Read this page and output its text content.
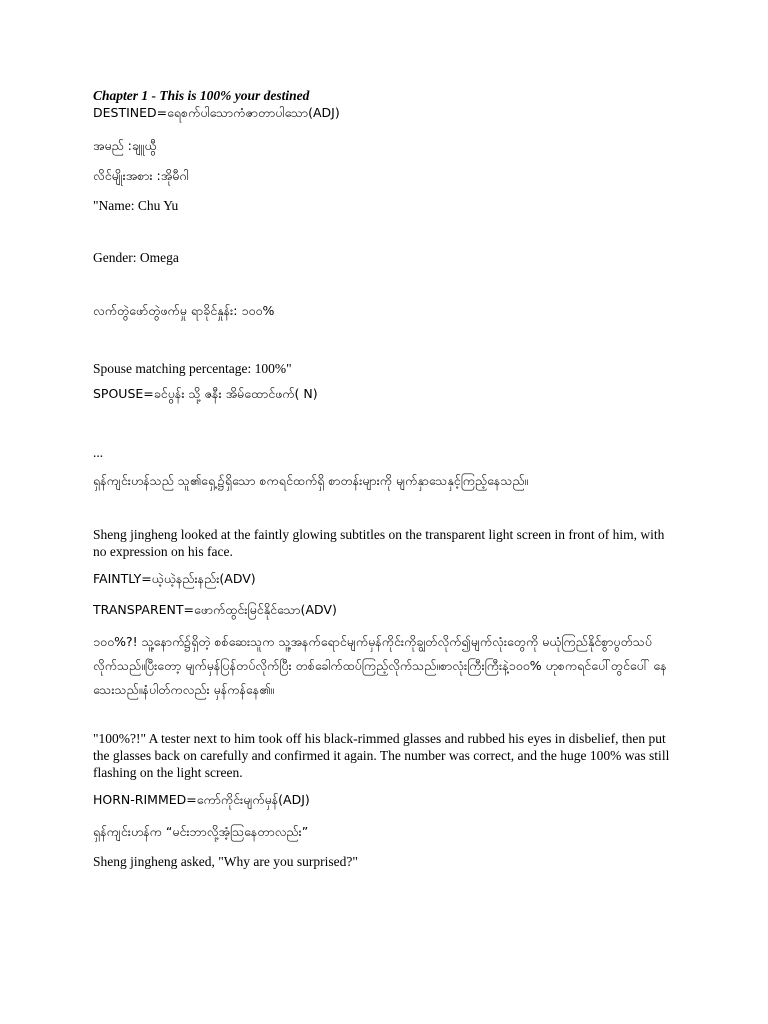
Chapter 1 - This is 100% your destined
DESTINED=ရေစက်ပါသောကံဇာတာပါသော(ADJ)
အမည် :ချူယွီ
လိင်မျိုးအစား :အိုမီဂါ
"Name: Chu Yu
Gender: Omega
လက်တွဲဖော်တွဲဖက်မှု ရာခိုင်နှုန်း: ၁၀၀%
Spouse matching percentage: 100%"
SPOUSE=ခင်ပွန်း သို့ ဇနီး အိမ်ထောင်ဖက်( N)
...
ရှန်ကျင်းဟန်သည် သူ၏ရှေ့၌ရှိသော စကရင်ထက်ရှိ စာတန်းများကို မျက်နှာသေနှင့်ကြည့်နေသည်။
Sheng jingheng looked at the faintly glowing subtitles on the transparent light screen in front of him, with no expression on his face.
FAINTLY=ယဲ့ယဲ့နည်းနည်း(ADV)
TRANSPARENT=ဖောက်ထွင်းမြင်နိုင်သော(ADV)
၁၀၀%?! သူ့နောက်၌ရှိတဲ့ စစ်ဆေးသူက သူ့အနက်ရောင်မျက်မှန်ကိုင်းကိုချွတ်လိုက်၍မျက်လုံးတွေကို မယုံကြည်နိုင်စွာပွတ်သပ်လိုက်သည်။ပြီးတော့ မျက်မှန်ပြန်တပ်လိုက်ပြီး တစ်ခေါက်ထပ်ကြည့်လိုက်သည်။စာလုံးကြီးကြီးနဲ့၁၀၀% ဟုစကရင်ပေါ်တွင်ပေါ် နေသေးသည်။နံပါတ်ကလည်း မှန်ကန်နေ၏။
"100%?!" A tester next to him took off his black-rimmed glasses and rubbed his eyes in disbelief, then put the glasses back on carefully and confirmed it again. The number was correct, and the huge 100% was still flashing on the light screen.
HORN-RIMMED=ကော်ကိုင်းမျက်မှန်(ADJ)
ရှန်ကျင်းဟန်က “မင်းဘာလို့အံ့သြနေတာလည်း”
Sheng jingheng asked, "Why are you surprised?"
